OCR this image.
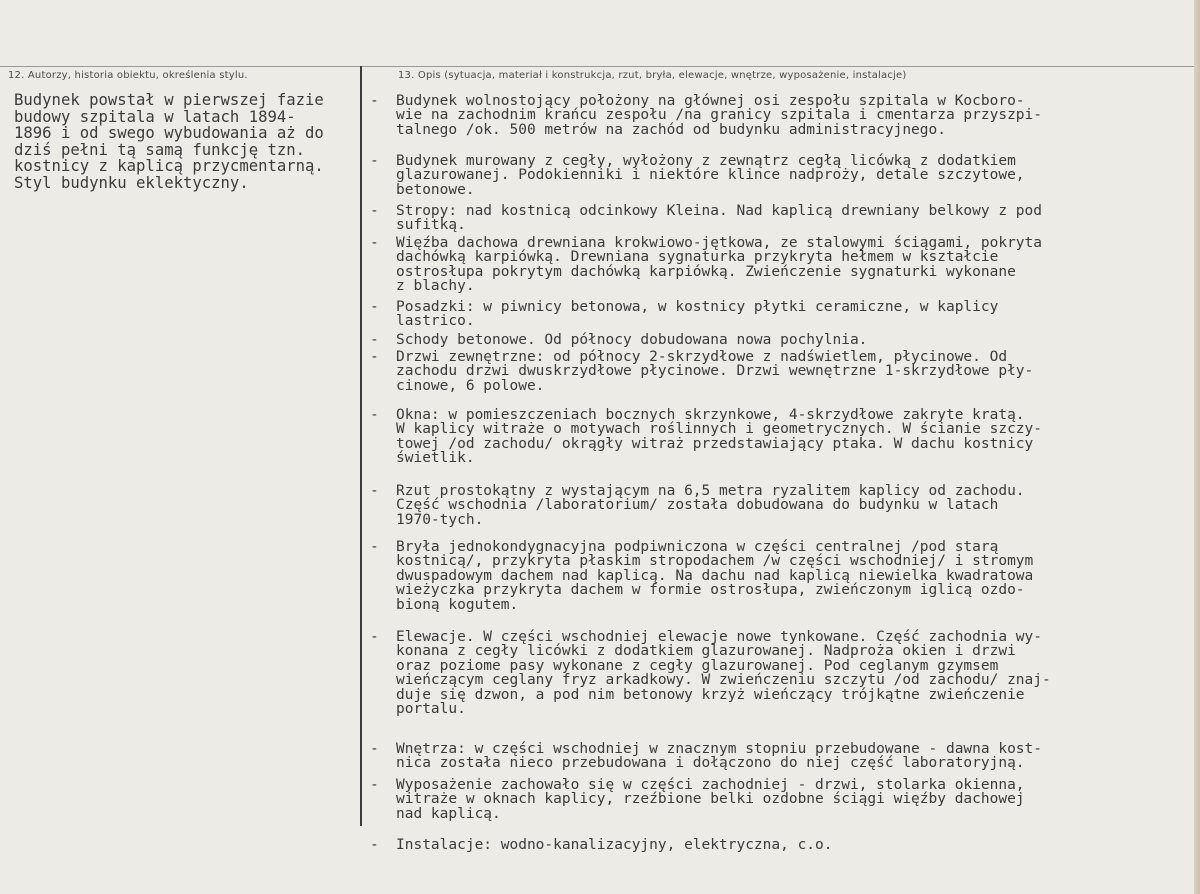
12. Autorzy, historia obiektu, określenia stylu.	13. Opis (sytuacja, materiał i konstrukcja, rzut, bryła, elewacje, wnętrze, wyposażenie, instalacje)
Budynek powstał w pierwszej fazie
budowy szpitala w latach 1894-
1896 i od swego wybudowania aż do
dziś pełni tą samą funkcję tzn.
kostnicy z kaplicą przycmentarną.
Styl budynku eklektyczny.
- Budynek wolnostojący położony na głównej osi zespołu szpitala w Kocboro-
wie na zachodnim krańcu zespołu /na granicy szpitala i cmentarza przyszpi-
talnego /ok. 500 metrów na zachód od budynku administracyjnego.
- Budynek murowany z cegły, wyłożony z zewnątrz cegłą licówką z dodatkiem
glazurowanej. Podokienniki i niektóre klince nadproży, detale szczytowe,
betonowe.
- Stropy: nad kostnicą odcinkowy Kleina. Nad kaplicą drewniany belkowy z pod
sufitką.
- Więźba dachowa drewniana krokwiowo-jętkowa, ze stalowymi ściągami, pokryta
dachówką karpiówką. Drewniana sygnaturka przykryta hełmem w kształcie
ostrosłupa pokrytym dachówką karpiówką. Zwieńczenie sygnaturki wykonane
z blachy.
- Posadzki: w piwnicy betonowa, w kostnicy płytki ceramiczne, w kaplicy
lastrico.
- Schody betonowe. Od północy dobudowana nowa pochylnia.
- Drzwi zewnętrzne: od północy 2-skrzydłowe z nadświetlem, płycinowe. Od
zachodu drzwi dwuskrzydłowe płycinowe. Drzwi wewnętrzne 1-skrzydłowe pły-
cinowe, 6 polowe.
- Okna: w pomieszczeniach bocznych skrzynkowe, 4-skrzydłowe zakryte kratą.
W kaplicy witraże o motywach roślinnych i geometrycznych. W ścianie szczy-
towej /od zachodu/ okrągły witraż przedstawiający ptaka. W dachu kostnicy
świetlik.
- Rzut prostokątny z wystającym na 6,5 metra ryzalitem kaplicy od zachodu.
Część wschodnia /laboratorium/ została dobudowana do budynku w latach
1970-tych.
- Bryła jednokondygnacyjna podpiwniczona w części centralnej /pod starą
kostnicą/, przykryta płaskim stropodachem /w części wschodniej/ i stromym
dwuspadowym dachem nad kaplicą. Na dachu nad kaplicą niewielka kwadratowa
wieżyczka przykryta dachem w formie ostrosłupa, zwieńczonym iglicą ozdo-
bioną kogutem.
- Elewacje. W części wschodniej elewacje nowe tynkowane. Część zachodnia wy-
konana z cegły licówki z dodatkiem glazurowanej. Nadproża okien i drzwi
oraz poziome pasy wykonane z cegły glazurowanej. Pod ceglanym gzymsem
wieńczącym ceglany fryz arkadkowy. W zwieńczeniu szczytu /od zachodu/ znaj-
duje się dzwon, a pod nim betonowy krzyż wieńczący trójkątne zwieńczenie
portalu.
- Wnętrza: w części wschodniej w znacznym stopniu przebudowane - dawna kost-
nica została nieco przebudowana i dołączono do niej część laboratoryjną.
- Wyposażenie zachowało się w części zachodniej - drzwi, stolarka okienna,
witraże w oknach kaplicy, rzeźbione belki ozdobne ściągi więźby dachowej
nad kaplicą.
- Instalacje: wodno-kanalizacyjny, elektryczna, c.o.
